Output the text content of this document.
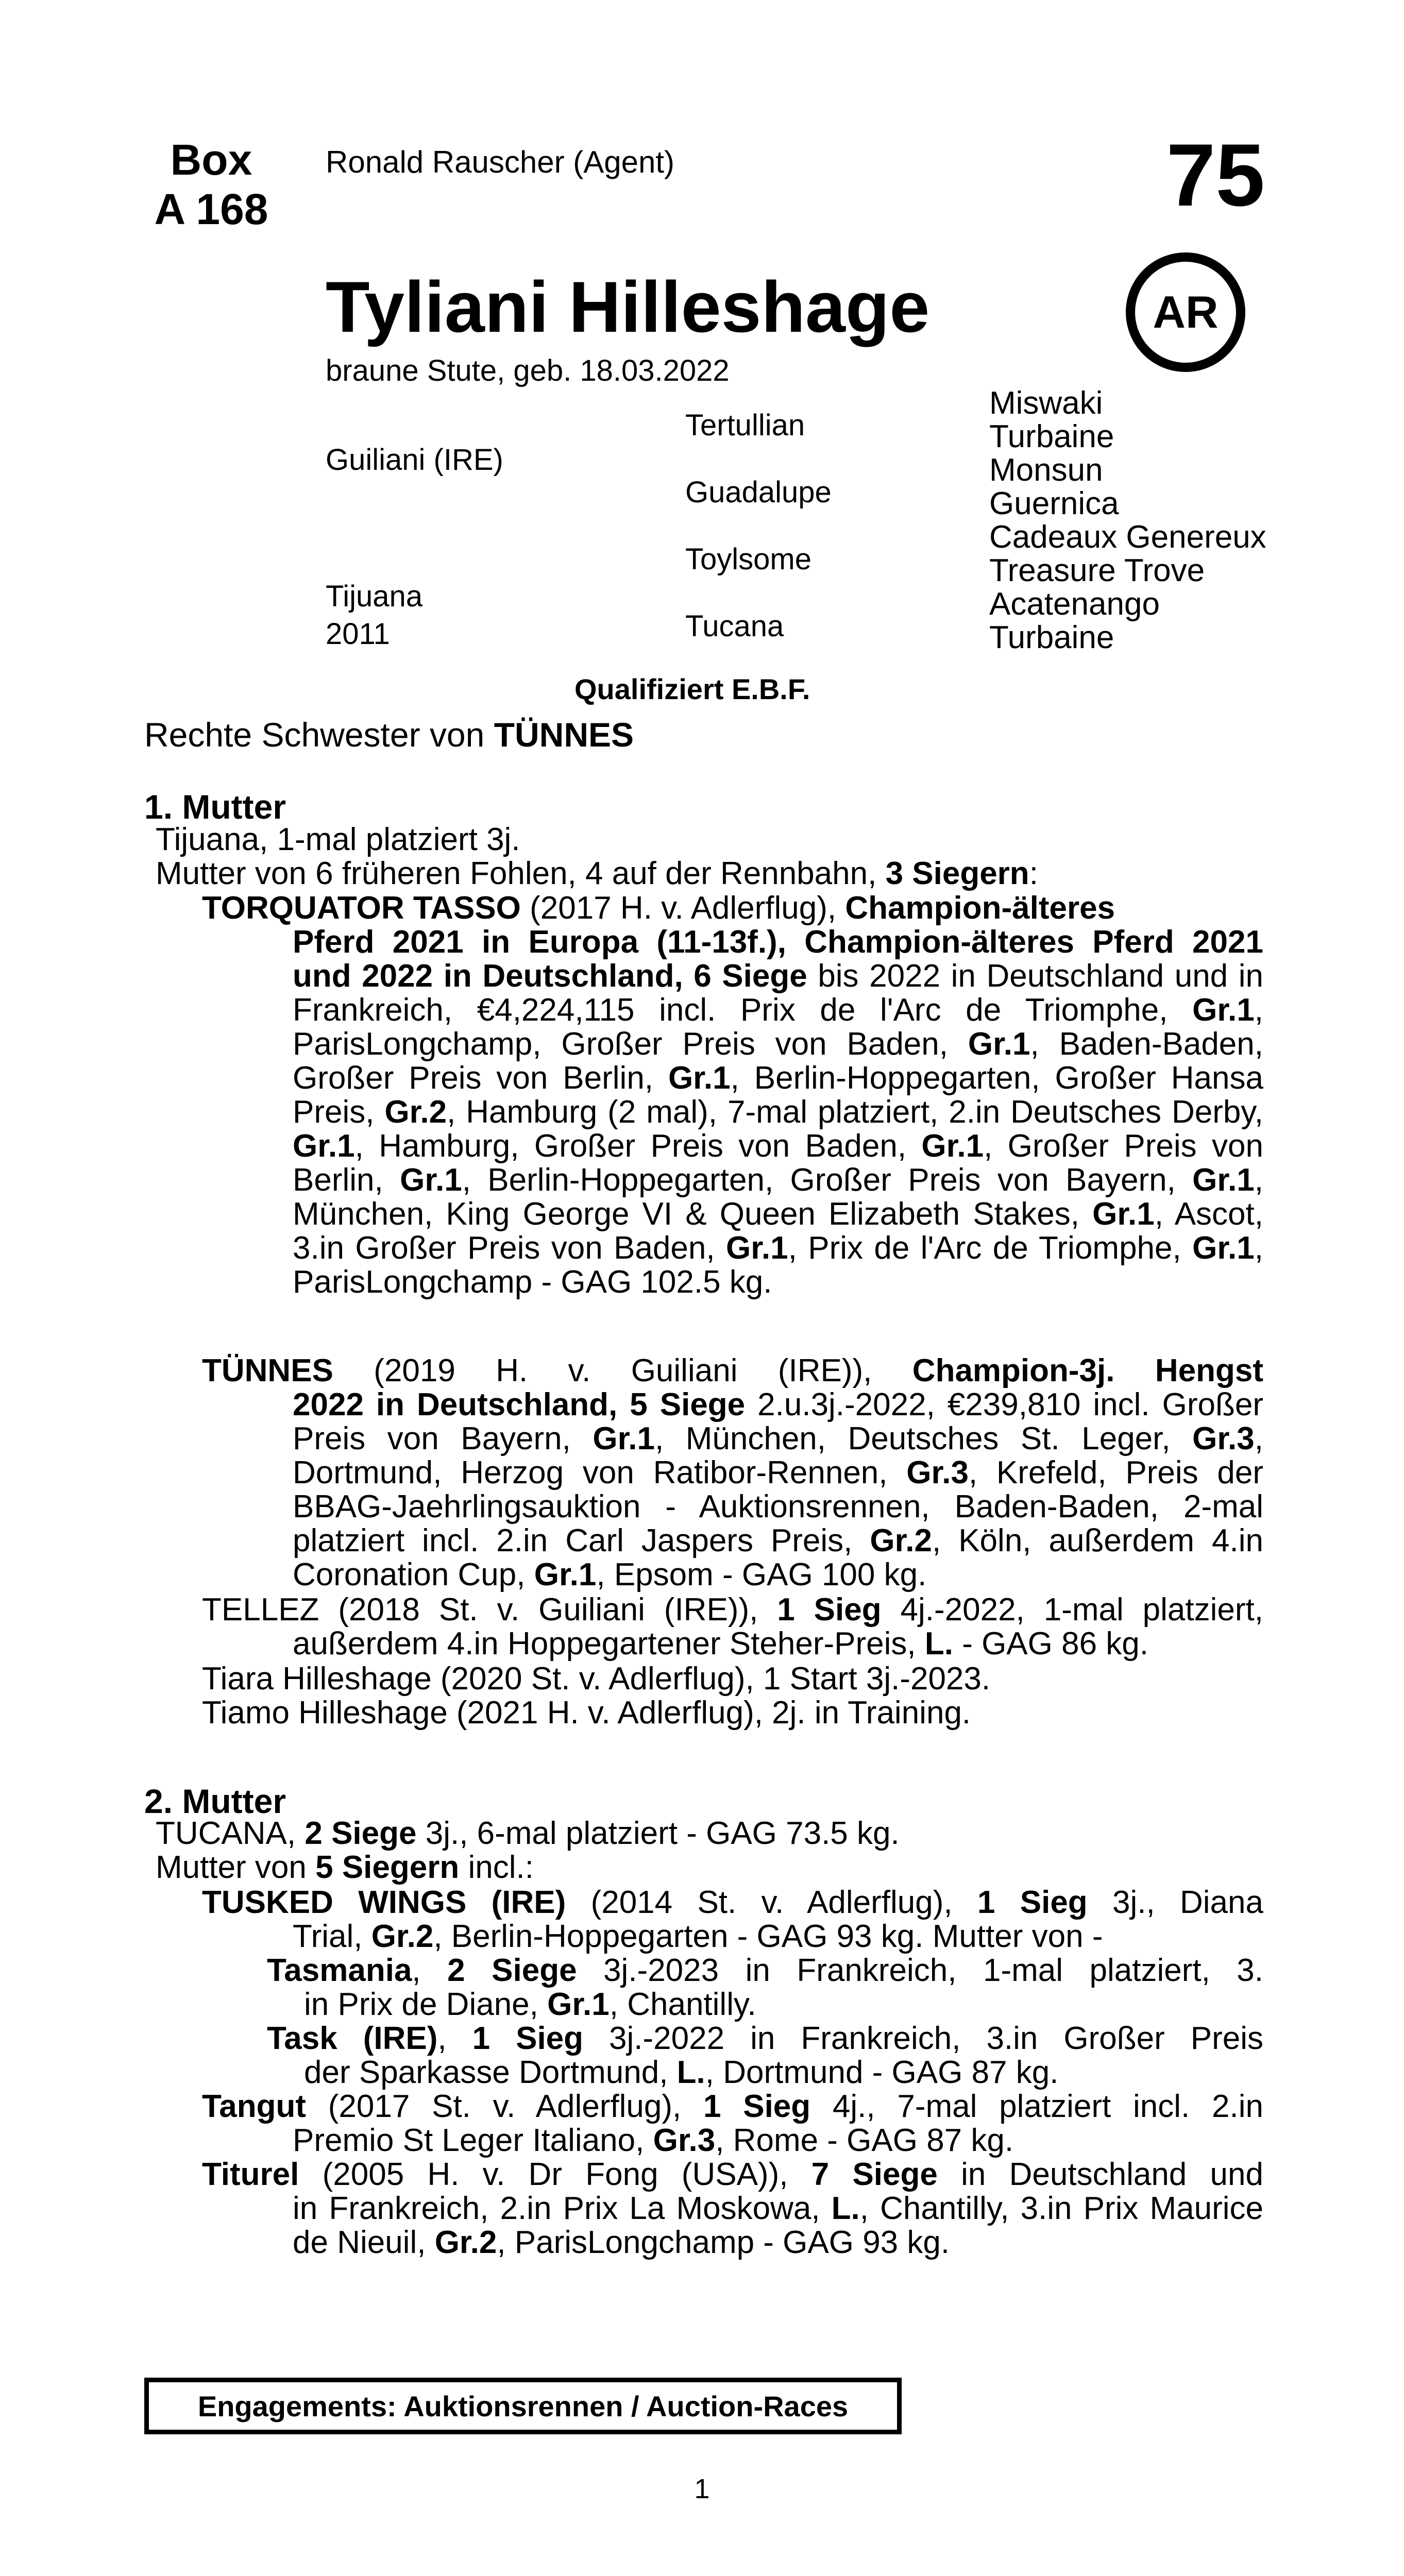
Box
A 168
Ronald Rauscher (Agent)	75
AR
Tyliani Hilleshage
braune Stute, geb. 18.03.2022
Guiliani (IRE)
Tijuana
2011
Tertullian
Guadalupe
Toylsome
Tucana
Miswaki
Turbaine
Monsun
Guernica
Cadeaux Genereux
Treasure Trove
Acatenango
Turbaine
Qualifiziert E.B.F.
Rechte Schwester von TÜNNES
1. Mutter
Tijuana, 1-mal platziert 3j.
Mutter von 6 früheren Fohlen, 4 auf der Rennbahn, 3 Siegern:
TORQUATOR TASSO (2017 H. v. Adlerflug), Champion-älteres
Pferd 2021 in Europa (11-13f.), Champion-älteres Pferd 2021 und 2022 in Deutschland, 6 Siege bis 2022 in Deutschland und in Frankreich, €4,224,115 incl. Prix de l'Arc de Triomphe, Gr.1, ParisLongchamp, Großer Preis von Baden, Gr.1, Baden-Baden, Großer Preis von Berlin, Gr.1, Berlin-Hoppegarten, Großer Hansa Preis, Gr.2, Hamburg (2 mal), 7-mal platziert, 2.in Deutsches Derby, Gr.1, Hamburg, Großer Preis von Baden, Gr.1, Großer Preis von Berlin, Gr.1, Berlin-Hoppegarten, Großer Preis von Bayern, Gr.1, München, King George VI & Queen Elizabeth Stakes, Gr.1, Ascot, 3.in Großer Preis von Baden, Gr.1, Prix de l'Arc de Triomphe, Gr.1, ParisLongchamp - GAG 102.5 kg.
TÜNNES (2019 H. v. Guiliani (IRE)), Champion-3j. Hengst
2022 in Deutschland, 5 Siege 2.u.3j.-2022, €239,810 incl. Großer Preis von Bayern, Gr.1, München, Deutsches St. Leger, Gr.3, Dortmund, Herzog von Ratibor-Rennen, Gr.3, Krefeld, Preis der BBAG-Jaehrlingsauktion - Auktionsrennen, Baden-Baden, 2-mal platziert incl. 2.in Carl Jaspers Preis, Gr.2, Köln, außerdem 4.in Coronation Cup, Gr.1, Epsom - GAG 100 kg.
TELLEZ (2018 St. v. Guiliani (IRE)), 1 Sieg 4j.-2022, 1-mal platziert,
außerdem 4.in Hoppegartener Steher-Preis, L. - GAG 86 kg.
Tiara Hilleshage (2020 St. v. Adlerflug), 1 Start 3j.-2023.
Tiamo Hilleshage (2021 H. v. Adlerflug), 2j. in Training.
2. Mutter
TUCANA, 2 Siege 3j., 6-mal platziert - GAG 73.5 kg.
Mutter von 5 Siegern incl.:
TUSKED WINGS (IRE) (2014 St. v. Adlerflug), 1 Sieg 3j., Diana
Trial, Gr.2, Berlin-Hoppegarten - GAG 93 kg. Mutter von -
Tasmania, 2 Siege 3j.-2023 in Frankreich, 1-mal platziert, 3.
in Prix de Diane, Gr.1, Chantilly.
Task (IRE), 1 Sieg 3j.-2022 in Frankreich, 3.in Großer Preis
der Sparkasse Dortmund, L., Dortmund - GAG 87 kg.
Tangut (2017 St. v. Adlerflug), 1 Sieg 4j., 7-mal platziert incl. 2.in
Premio St Leger Italiano, Gr.3, Rome - GAG 87 kg.
Titurel (2005 H. v. Dr Fong (USA)), 7 Siege in Deutschland und
in Frankreich, 2.in Prix La Moskowa, L., Chantilly, 3.in Prix Maurice de Nieuil, Gr.2, ParisLongchamp - GAG 93 kg.
Engagements: Auktionsrennen / Auction-Races
1
